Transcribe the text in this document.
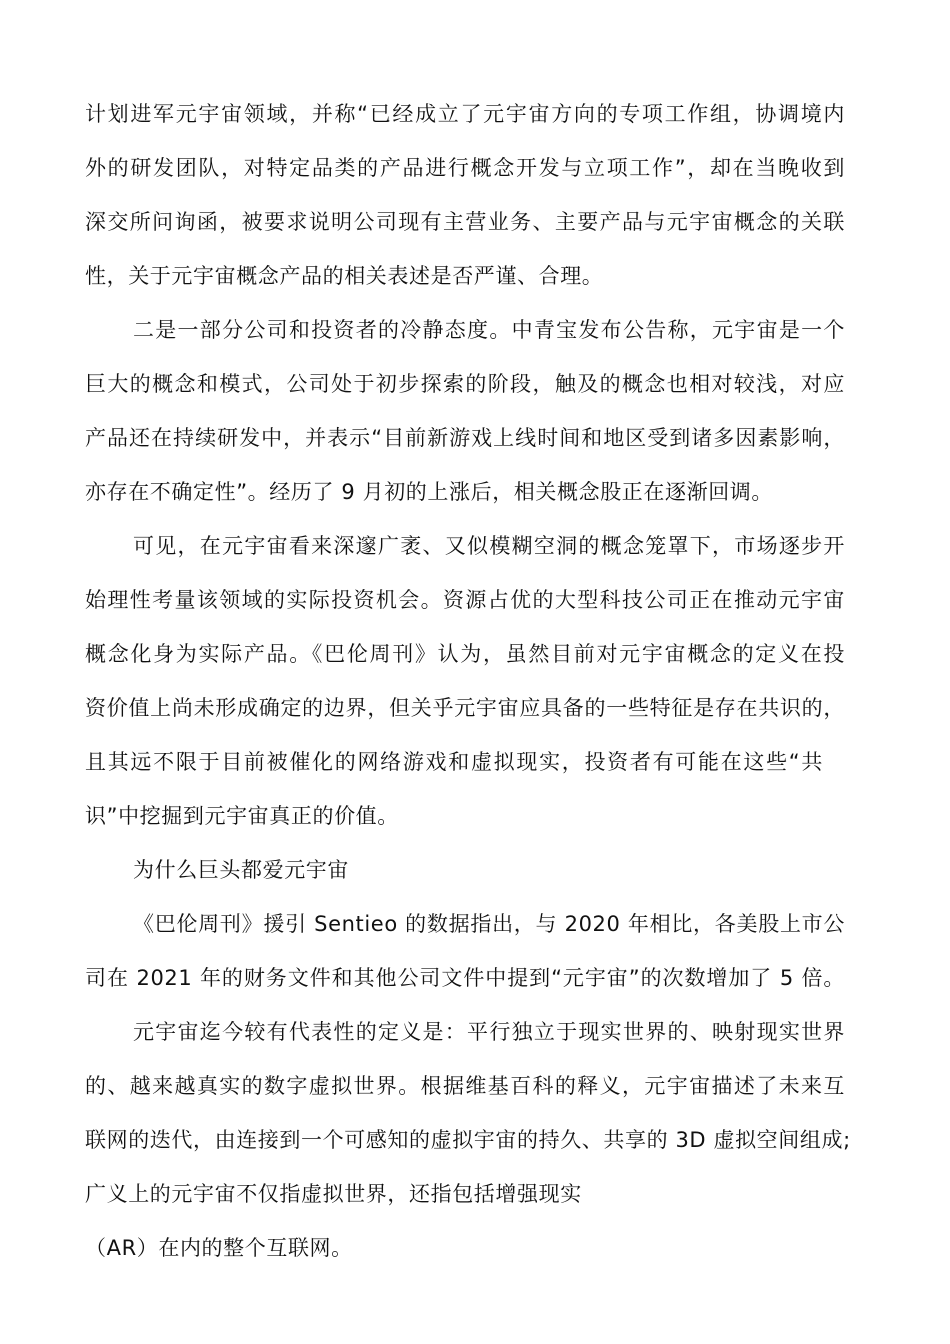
计划进军元宇宙领域，并称“已经成立了元宇宙方向的专项工作组，协调境内
外的研发团队，对特定品类的产品进行概念开发与立项工作”，却在当晚收到
深交所问询函，被要求说明公司现有主营业务、主要产品与元宇宙概念的关联
性，关于元宇宙概念产品的相关表述是否严谨、合理。
二是一部分公司和投资者的冷静态度。中青宝发布公告称，元宇宙是一个
巨大的概念和模式，公司处于初步探索的阶段，触及的概念也相对较浅，对应
产品还在持续研发中，并表示“目前新游戏上线时间和地区受到诸多因素影响，
亦存在不确定性”。经历了 9 月初的上涨后，相关概念股正在逐渐回调。
可见，在元宇宙看来深邃广袤、又似模糊空洞的概念笼罩下，市场逐步开
始理性考量该领域的实际投资机会。资源占优的大型科技公司正在推动元宇宙
概念化身为实际产品。《巴伦周刊》认为，虽然目前对元宇宙概念的定义在投
资价值上尚未形成确定的边界，但关乎元宇宙应具备的一些特征是存在共识的，
且其远不限于目前被催化的网络游戏和虚拟现实，投资者有可能在这些“共
识”中挖掘到元宇宙真正的价值。
为什么巨头都爱元宇宙
《巴伦周刊》援引 Sentieo 的数据指出，与 2020 年相比，各美股上市公
司在 2021 年的财务文件和其他公司文件中提到“元宇宙”的次数增加了 5 倍。
元宇宙迄今较有代表性的定义是：平行独立于现实世界的、映射现实世界
的、越来越真实的数字虚拟世界。根据维基百科的释义，元宇宙描述了未来互
联网的迭代，由连接到一个可感知的虚拟宇宙的持久、共享的 3D 虚拟空间组成;
广义上的元宇宙不仅指虚拟世界，还指包括增强现实
（AR）在内的整个互联网。
